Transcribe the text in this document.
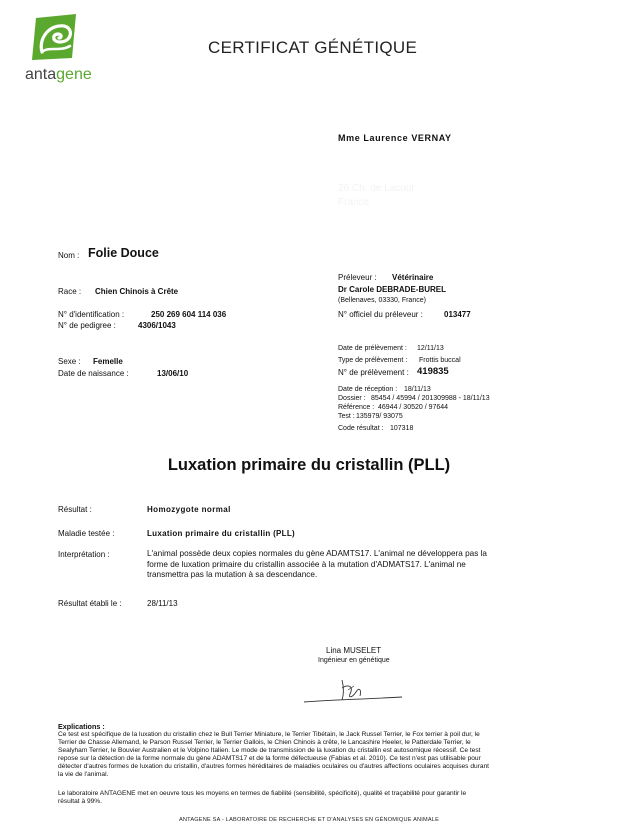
antagene
CERTIFICAT GÉNÉTIQUE
Mme Laurence VERNAY
26 Ch. de Lacour
France
Nom : Folie Douce
Race : Chien Chinois à Crête
N° d'identification :	250 269 604 114 036
N° de pedigree :	4306/1043
Sexe : Femelle
Date de naissance :	13/06/10
Préleveur : Vétérinaire
Dr Carole DEBRADE-BUREL
(Bellenaves, 03330, France)
N° officiel du préleveur :	013477
Date de prélèvement : 12/11/13
Type de prélèvement : Frottis buccal
N° de prélèvement : 419835
Date de réception : 18/11/13
Dossier : 85454 / 45994 / 201309988 - 18/11/13
Référence : 46944 / 30520 / 97644
Test : 135979/ 93075
Code résultat : 107318
Luxation primaire du cristallin (PLL)
Résultat :	Homozygote normal
Maladie testée :	Luxation primaire du cristallin (PLL)
Interprétation :	L'animal possède deux copies normales du gène ADAMTS17. L'animal ne développera pas la
forme de luxation primaire du cristallin associée à la mutation d'ADMATS17. L'animal ne
transmettra pas la mutation à sa descendance.
Résultat établi le :	28/11/13
Lina MUSELET
Ingénieur en génétique
Explications :
Ce test est spécifique de la luxation du cristallin chez le Bull Terrier Miniature, le Terrier Tibétain, le Jack Russel Terrier, le Fox terrier à poil dur, le
Terrier de Chasse Allemand, le Parson Russel Terrier, le Terrier Gallois, le Chien Chinois à crête, le Lancashire Heeler, le Patterdale Terrier, le
Sealyham Terrier, le Bouvier Australien et le Volpino Italien. Le mode de transmission de la luxation du cristallin est autosomique récessif. Ce test
repose sur la détection de la forme normale du gène ADAMTS17 et de la forme défectueuse (Fabias et al. 2010). Ce test n'est pas utilisable pour
détecter d'autres formes de luxation du cristallin, d'autres formes héréditaires de maladies oculaires ou d'autres affections oculaires acquises durant
la vie de l'animal.
Le laboratoire ANTAGENE met en oeuvre tous les moyens en termes de fiabilité (sensibilité, spécificité), qualité et traçabilité pour garantir le
résultat à 99%.
ANTAGENE SA - LABORATOIRE DE RECHERCHE ET D'ANALYSES EN GÉNOMIQUE ANIMALE
